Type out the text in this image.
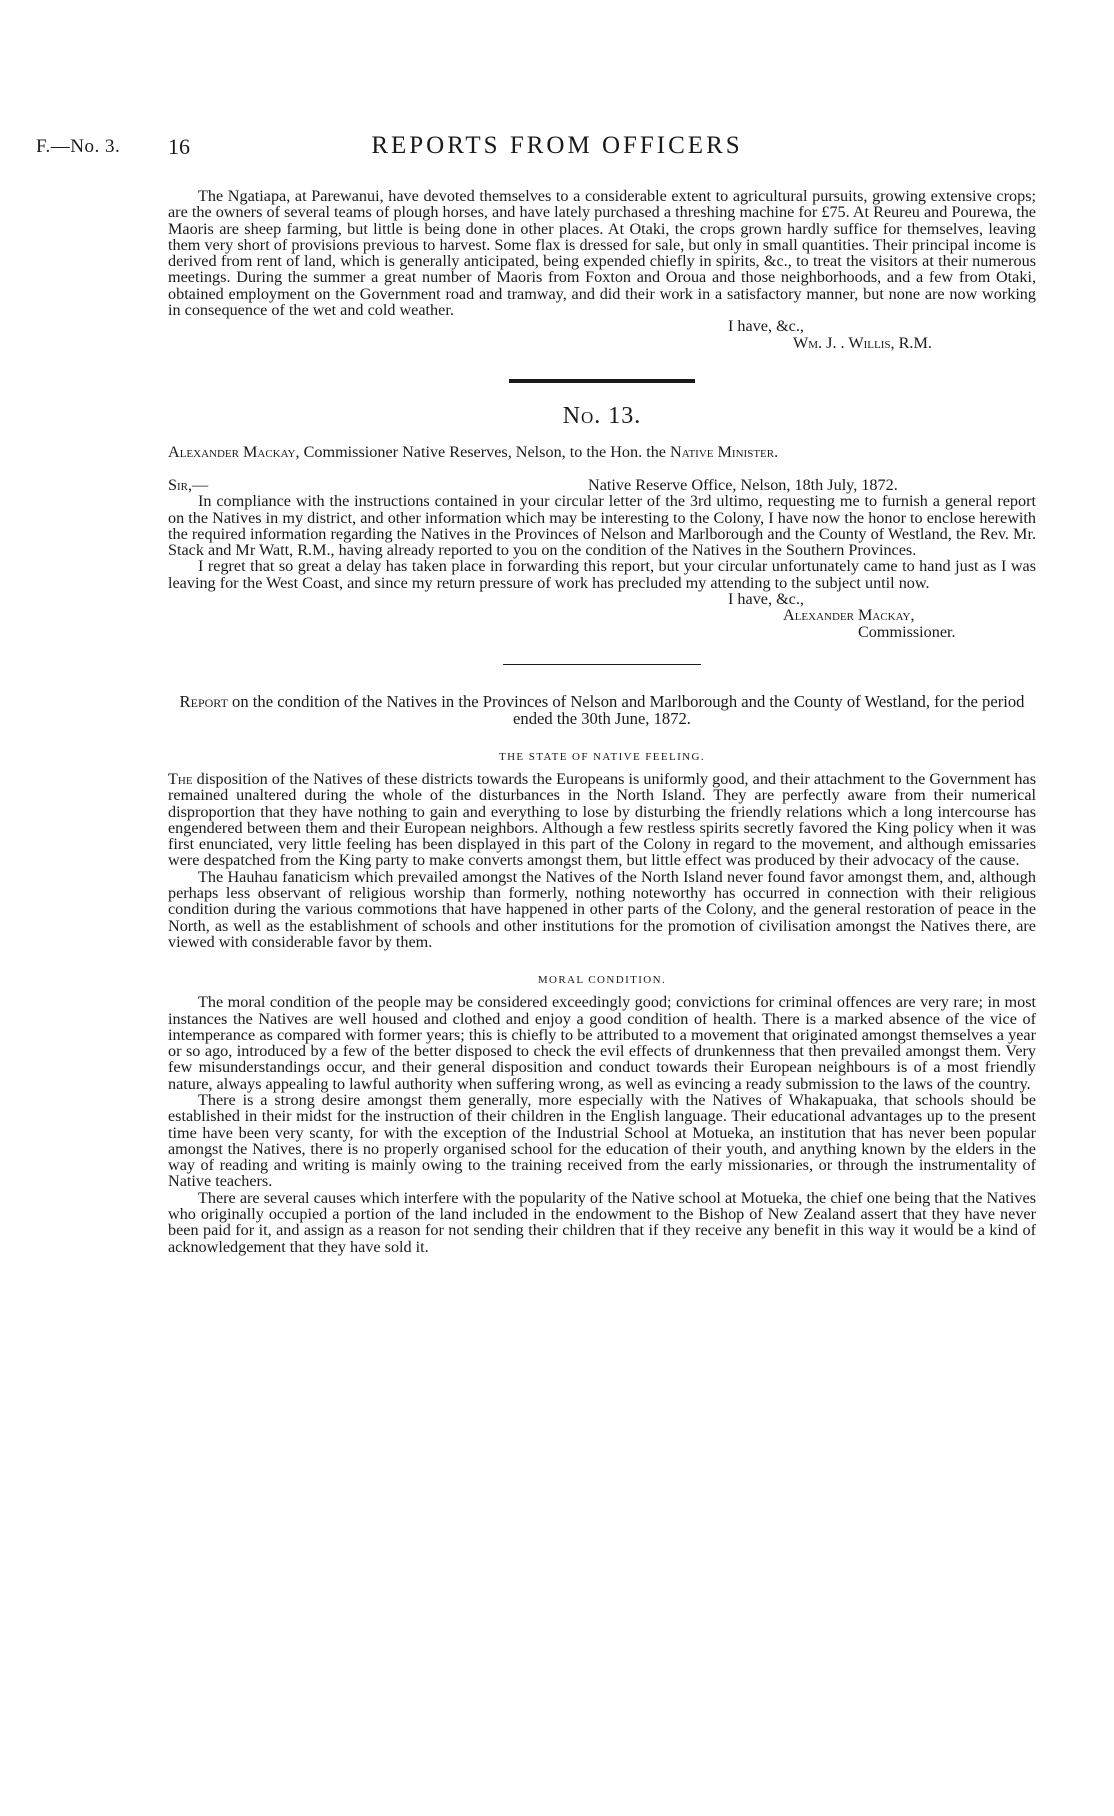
F.—No. 3. 16	REPORTS FROM OFFICERS

The Ngatiapa, at Parewanui, have devoted themselves to a considerable extent to agricultural pursuits, growing extensive crops; are the owners of several teams of plough horses, and have lately purchased a threshing machine for £75. At Reureu and Pourewa, the Maoris are sheep farming, but little is being done in other places. At Otaki, the crops grown hardly suffice for themselves, leaving them very short of provisions previous to harvest. Some flax is dressed for sale, but only in small quantities. Their principal income is derived from rent of land, which is generally anticipated, being expended chiefly in spirits, &c., to treat the visitors at their numerous meetings. During the summer a great number of Maoris from Foxton and Oroua and those neighborhoods, and a few from Otaki, obtained employment on the Government road and tramway, and did their work in a satisfactory manner, but none are now working in consequence of the wet and cold weather.

I have, &c.,
Wm. J. . Willis, R.M.
No. 13.
Alexander Mackay, Commissioner Native Reserves, Nelson, to the Hon. the Native Minister.
Sir,—	Native Reserve Office, Nelson, 18th July, 1872.

In compliance with the instructions contained in your circular letter of the 3rd ultimo, requesting me to furnish a general report on the Natives in my district, and other information which may be interesting to the Colony, I have now the honor to enclose herewith the required information regarding the Natives in the Provinces of Nelson and Marlborough and the County of Westland, the Rev. Mr. Stack and Mr Watt, R.M., having already reported to you on the condition of the Natives in the Southern Provinces.

I regret that so great a delay has taken place in forwarding this report, but your circular unfortunately came to hand just as I was leaving for the West Coast, and since my return pressure of work has precluded my attending to the subject until now.

I have, &c.,
Alexander Mackay,
Commissioner.
Report on the condition of the Natives in the Provinces of Nelson and Marlborough and the County of Westland, for the period ended the 30th June, 1872.
THE STATE OF NATIVE FEELING.

The disposition of the Natives of these districts towards the Europeans is uniformly good, and their attachment to the Government has remained unaltered during the whole of the disturbances in the North Island. They are perfectly aware from their numerical disproportion that they have nothing to gain and everything to lose by disturbing the friendly relations which a long intercourse has engendered between them and their European neighbors. Although a few restless spirits secretly favored the King policy when it was first enunciated, very little feeling has been displayed in this part of the Colony in regard to the movement, and although emissaries were despatched from the King party to make converts amongst them, but little effect was produced by their advocacy of the cause.

The Hauhau fanaticism which prevailed amongst the Natives of the North Island never found favor amongst them, and, although perhaps less observant of religious worship than formerly, nothing noteworthy has occurred in connection with their religious condition during the various commotions that have happened in other parts of the Colony, and the general restoration of peace in the North, as well as the establishment of schools and other institutions for the promotion of civilisation amongst the Natives there, are viewed with considerable favor by them.

MORAL CONDITION.

The moral condition of the people may be considered exceedingly good; convictions for criminal offences are very rare; in most instances the Natives are well housed and clothed and enjoy a good condition of health. There is a marked absence of the vice of intemperance as compared with former years; this is chiefly to be attributed to a movement that originated amongst themselves a year or so ago, introduced by a few of the better disposed to check the evil effects of drunkenness that then prevailed amongst them. Very few misunderstandings occur, and their general disposition and conduct towards their European neighbours is of a most friendly nature, always appealing to lawful authority when suffering wrong, as well as evincing a ready submission to the laws of the country.

There is a strong desire amongst them generally, more especially with the Natives of Whakapuaka, that schools should be established in their midst for the instruction of their children in the English language. Their educational advantages up to the present time have been very scanty, for with the exception of the Industrial School at Motueka, an institution that has never been popular amongst the Natives, there is no properly organised school for the education of their youth, and anything known by the elders in the way of reading and writing is mainly owing to the training received from the early missionaries, or through the instrumentality of Native teachers.

There are several causes which interfere with the popularity of the Native school at Motueka, the chief one being that the Natives who originally occupied a portion of the land included in the endowment to the Bishop of New Zealand assert that they have never been paid for it, and assign as a reason for not sending their children that if they receive any benefit in this way it would be a kind of acknowledgement that they have sold it.
